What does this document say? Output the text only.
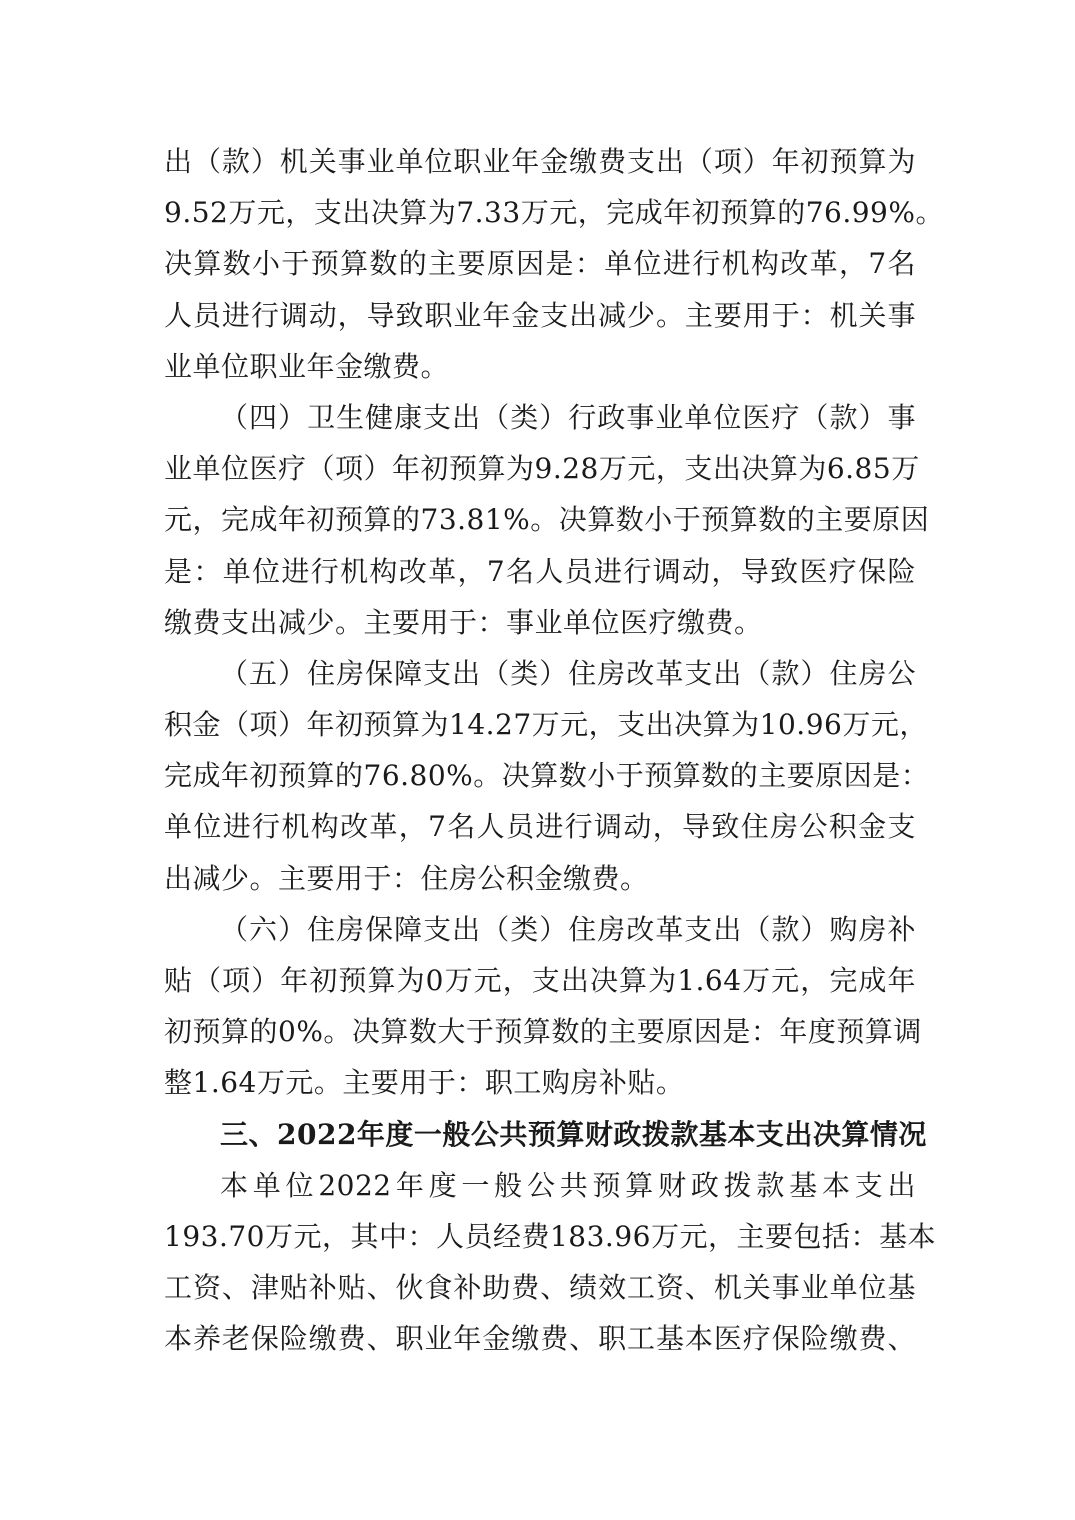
出（款）机关事业单位职业年金缴费支出（项）年初预算为
9.52万元，支出决算为7.33万元，完成年初预算的76.99%。
决算数小于预算数的主要原因是：单位进行机构改革，7名
人员进行调动，导致职业年金支出减少。主要用于：机关事
业单位职业年金缴费。
（四）卫生健康支出（类）行政事业单位医疗（款）事
业单位医疗（项）年初预算为9.28万元，支出决算为6.85万
元，完成年初预算的73.81%。决算数小于预算数的主要原因
是：单位进行机构改革，7名人员进行调动，导致医疗保险
缴费支出减少。主要用于：事业单位医疗缴费。
（五）住房保障支出（类）住房改革支出（款）住房公
积金（项）年初预算为14.27万元，支出决算为10.96万元，
完成年初预算的76.80%。决算数小于预算数的主要原因是：
单位进行机构改革，7名人员进行调动，导致住房公积金支
出减少。主要用于：住房公积金缴费。
（六）住房保障支出（类）住房改革支出（款）购房补
贴（项）年初预算为0万元，支出决算为1.64万元，完成年
初预算的0%。决算数大于预算数的主要原因是：年度预算调
整1.64万元。主要用于：职工购房补贴。
三、2022年度一般公共预算财政拨款基本支出决算情况
本单位2022年度一般公共预算财政拨款基本支出
193.70万元，其中：人员经费183.96万元，主要包括：基本
工资、津贴补贴、伙食补助费、绩效工资、机关事业单位基
本养老保险缴费、职业年金缴费、职工基本医疗保险缴费、
